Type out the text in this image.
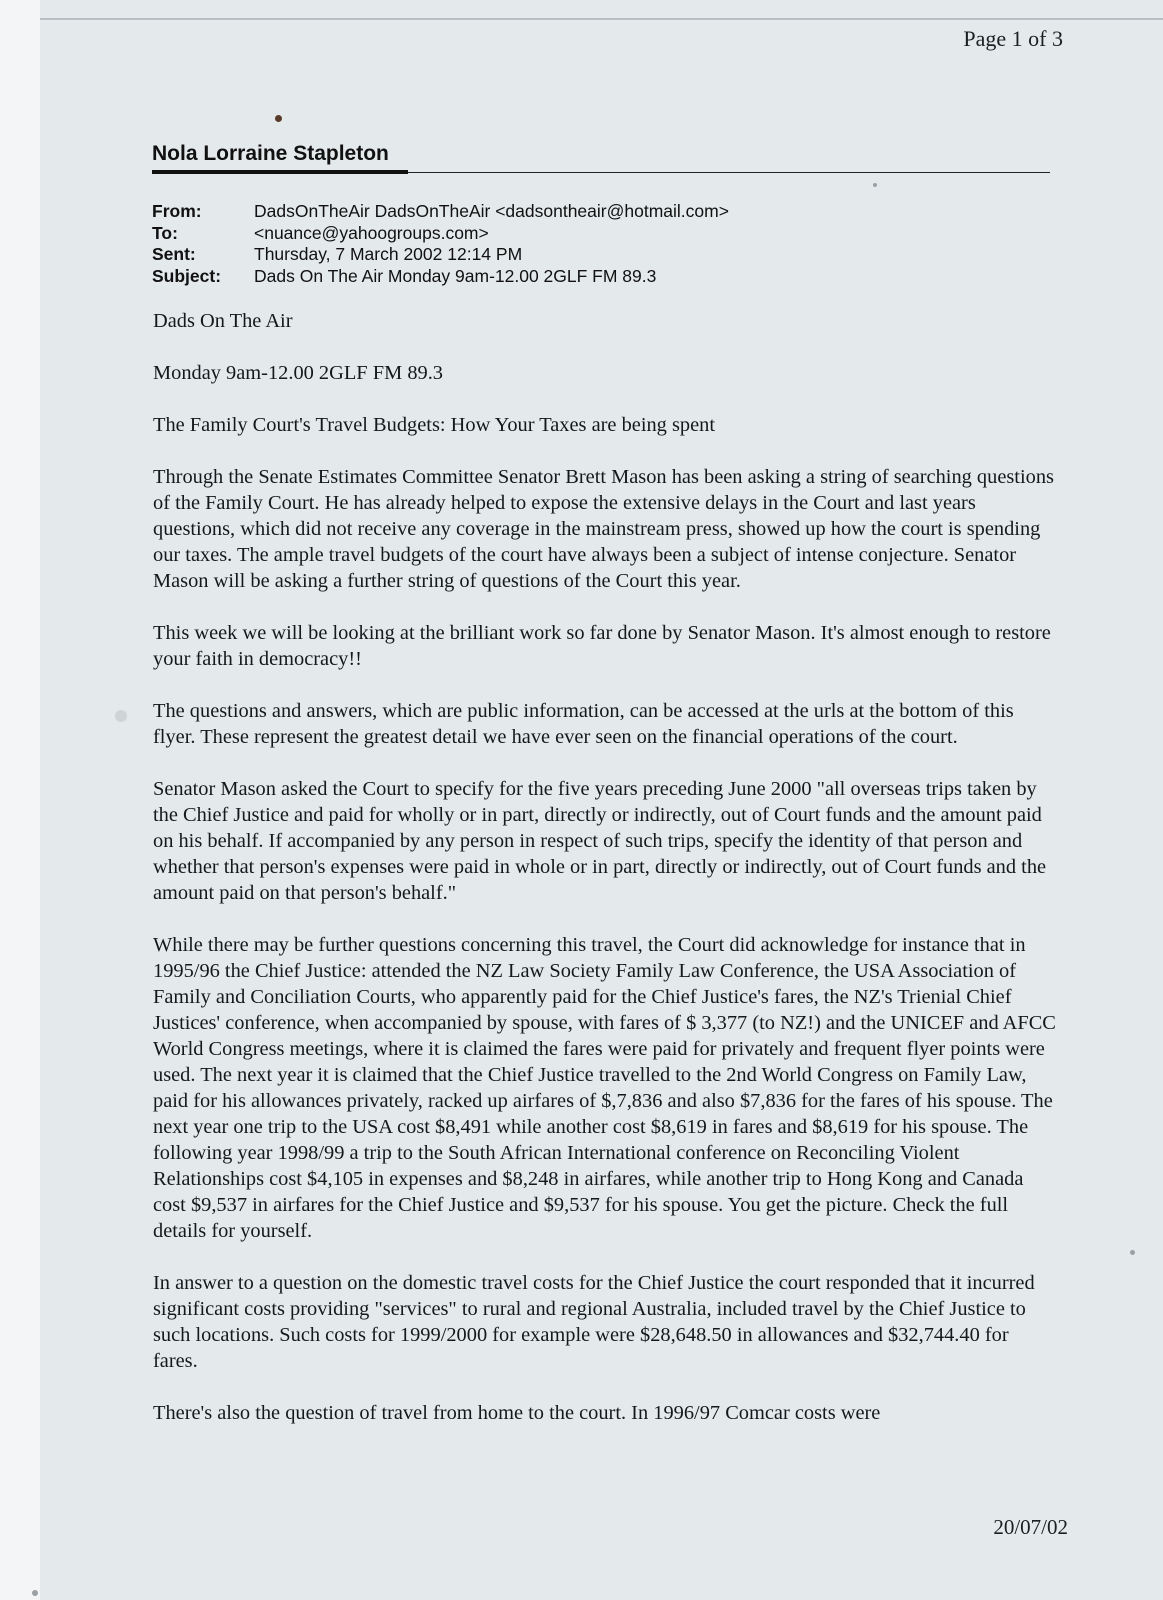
Page 1 of 3
Nola Lorraine Stapleton
From:	DadsOnTheAir DadsOnTheAir <dadsontheair@hotmail.com>
To:	<nuance@yahoogroups.com>
Sent:	Thursday, 7 March 2002 12:14 PM
Subject:	Dads On The Air Monday 9am-12.00 2GLF FM 89.3

Dads On The Air

Monday 9am-12.00 2GLF FM 89.3

The Family Court's Travel Budgets: How Your Taxes are being spent

Through the Senate Estimates Committee Senator Brett Mason has been asking a string of searching questions of the Family Court. He has already helped to expose the extensive delays in the Court and last years questions, which did not receive any coverage in the mainstream press, showed up how the court is spending our taxes. The ample travel budgets of the court have always been a subject of intense conjecture. Senator Mason will be asking a further string of questions of the Court this year.

This week we will be looking at the brilliant work so far done by Senator Mason. It's almost enough to restore your faith in democracy!!

The questions and answers, which are public information, can be accessed at the urls at the bottom of this flyer. These represent the greatest detail we have ever seen on the financial operations of the court.

Senator Mason asked the Court to specify for the five years preceding June 2000 "all overseas trips taken by the Chief Justice and paid for wholly or in part, directly or indirectly, out of Court funds and the amount paid on his behalf. If accompanied by any person in respect of such trips, specify the identity of that person and whether that person's expenses were paid in whole or in part, directly or indirectly, out of Court funds and the amount paid on that person's behalf."

While there may be further questions concerning this travel, the Court did acknowledge for instance that in 1995/96 the Chief Justice: attended the NZ Law Society Family Law Conference, the USA Association of Family and Conciliation Courts, who apparently paid for the Chief Justice's fares, the NZ's Trienial Chief Justices' conference, when accompanied by spouse, with fares of $ 3,377 (to NZ!) and the UNICEF and AFCC World Congress meetings, where it is claimed the fares were paid for privately and frequent flyer points were used. The next year it is claimed that the Chief Justice travelled to the 2nd World Congress on Family Law, paid for his allowances privately, racked up airfares of $,7,836 and also $7,836 for the fares of his spouse. The next year one trip to the USA cost $8,491 while another cost $8,619 in fares and $8,619 for his spouse. The following year 1998/99 a trip to the South African International conference on Reconciling Violent Relationships cost $4,105 in expenses and $8,248 in airfares, while another trip to Hong Kong and Canada cost $9,537 in airfares for the Chief Justice and $9,537 for his spouse. You get the picture. Check the full details for yourself.

In answer to a question on the domestic travel costs for the Chief Justice the court responded that it incurred significant costs providing "services" to rural and regional Australia, included travel by the Chief Justice to such locations. Such costs for 1999/2000 for example were $28,648.50 in allowances and $32,744.40 for fares.

There's also the question of travel from home to the court. In 1996/97 Comcar costs were

20/07/02
